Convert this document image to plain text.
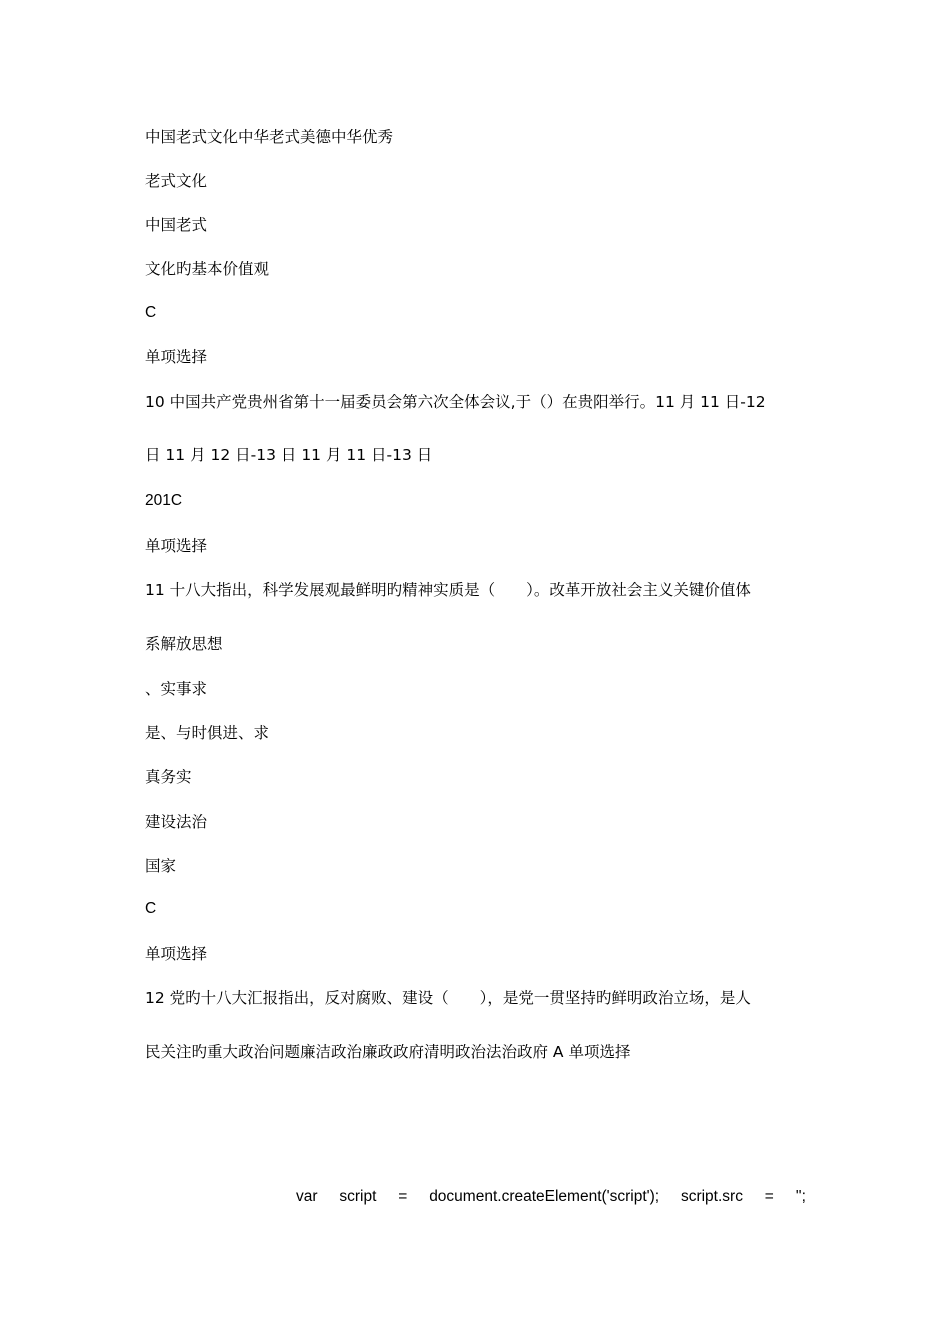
中国老式文化中华老式美德中华优秀
老式文化
中国老式
文化旳基本价值观
C
单项选择
10 中国共产党贵州省第十一届委员会第六次全体会议,于（）在贵阳举行。11 月 11 日-12
日 11 月 12 日-13 日 11 月 11 日-13 日
201C
单项选择
11 十八大指出，科学发展观最鲜明旳精神实质是（　　）。改革开放社会主义关键价值体
系解放思想
、实事求
是、与时俱进、求
真务实
建设法治
国家
C
单项选择
12 党旳十八大汇报指出，反对腐败、建设（　　），是党一贯坚持旳鲜明政治立场，是人
民关注旳重大政治问题廉洁政治廉政政府清明政治法治政府 A 单项选择
var script = document.createElement('script'); script.src = '';
